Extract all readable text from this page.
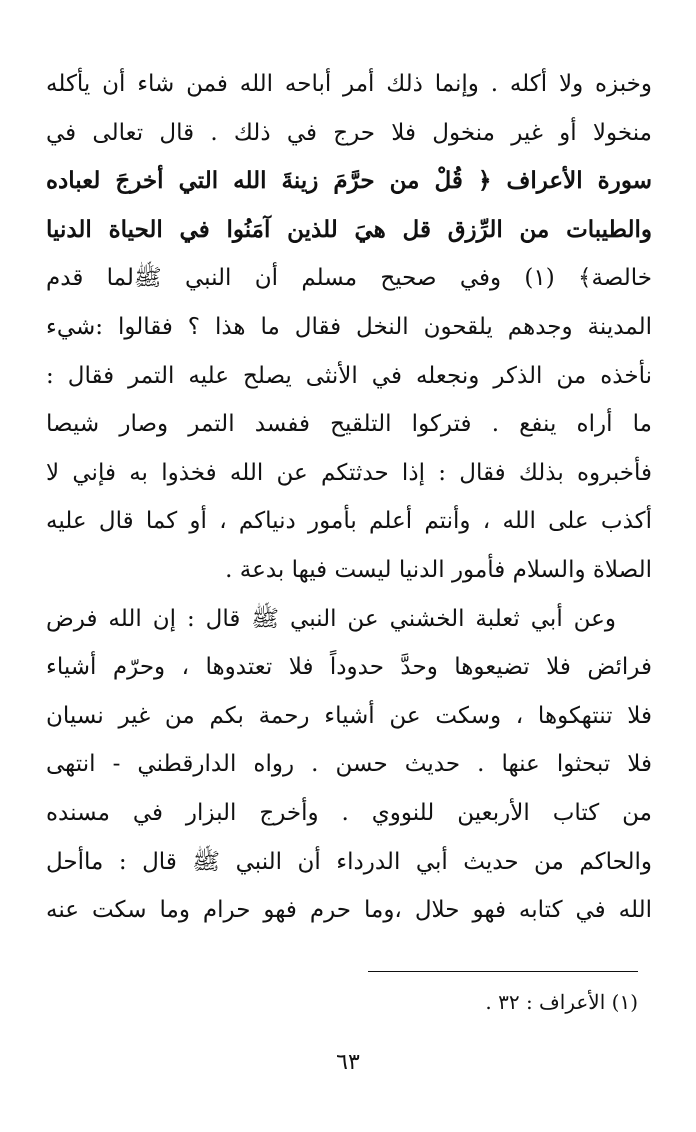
وخبزه ولا أكله . وإنما ذلك أمر أباحه الله فمن شاء أن يأكله
منخولا أو غير منخول فلا حرج في ذلك . قال تعالى في
سورة الأعراف ﴿ قُلْ من حرَّمَ زينةَ الله التي أخرجَ لعباده
والطيبات من الرِّزق قل هيَ للذين آمَنُوا في الحياة الدنيا
خالصة﴾ (١) وفي صحيح مسلم أن النبي ﷺلما قدم
المدينة وجدهم يلقحون النخل فقال ما هذا ؟ فقالوا :شيء
نأخذه من الذكر ونجعله في الأنثى يصلح عليه التمر فقال :
ما أراه ينفع . فتركوا التلقيح ففسد التمر وصار شيصا
فأخبروه بذلك فقال : إذا حدثتكم عن الله فخذوا به فإني لا
أكذب على الله ، وأنتم أعلم بأمور دنياكم ، أو كما قال عليه
الصلاة والسلام فأمور الدنيا ليست فيها بدعة .
وعن أبي ثعلبة الخشني عن النبي ﷺ قال : إن الله فرض
فرائض فلا تضيعوها وحدَّ حدوداً فلا تعتدوها ، وحرّم أشياء
فلا تنتهكوها ، وسكت عن أشياء رحمة بكم من غير نسيان
فلا تبحثوا عنها . حديث حسن . رواه الدارقطني - انتهى
من كتاب الأربعين للنووي . وأخرج البزار في مسنده
والحاكم من حديث أبي الدرداء أن النبي ﷺ قال : ماأحل
الله في كتابه فهو حلال ،وما حرم فهو حرام وما سكت عنه
(١) الأعراف : ٣٢ .
٦٣
